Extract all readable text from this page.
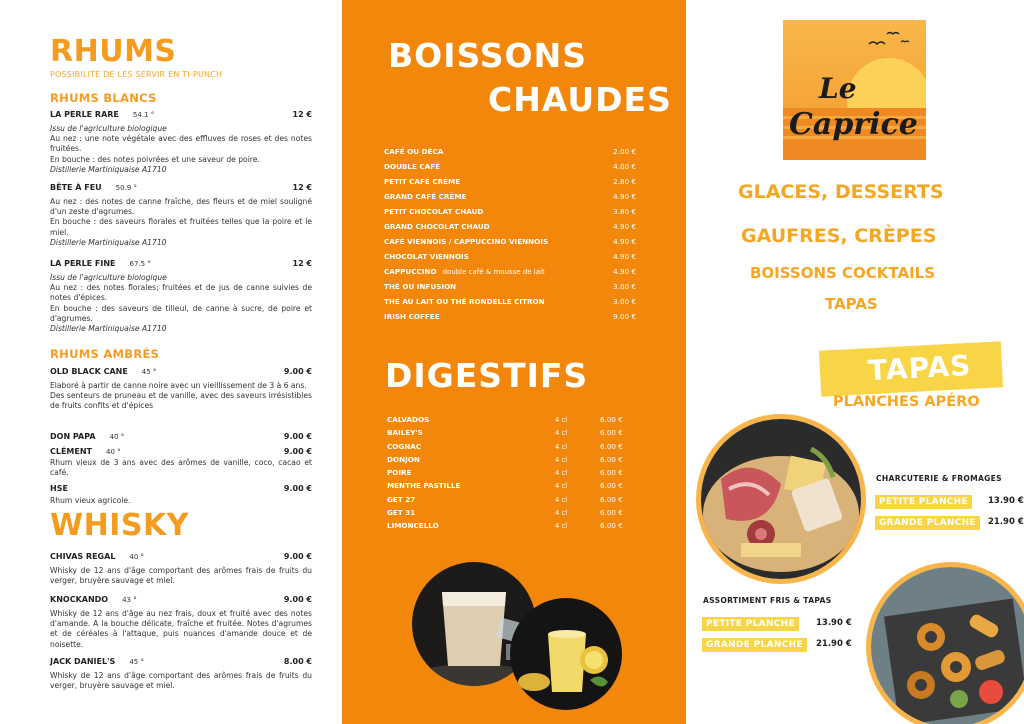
RHUMS
POSSIBILITÉ DE LES SERVIR EN TI-PUNCH
RHUMS BLANCS
LA PERLE RARE 54.1 °	12 €
Issu de l'agriculture biologique
Au nez : une note végétale avec des effluves de roses et des notes fruitées.
En bouche : des notes poivrées et une saveur de poire.
Distillerie Martiniquaise A1710
BÊTE À FEU 50.9 °	12 €
Au nez : des notes de canne fraîche, des fleurs et de miel souligné d'un zeste d'agrumes.
En bouche : des saveurs florales et fruitées telles que la poire et le miel.
Distillerie Martiniquaise A1710
LA PERLE FINE 67.5 °	12 €
Issu de l'agriculture biologique
Au nez : des notes florales; fruitées et de jus de canne suivies de notes d'épices.
En bouche : des saveurs de tilleul, de canne à sucre, de poire et d'agrumes.
Distillerie Martiniquaise A1710
RHUMS AMBRÉS
OLD BLACK CANE 45 °	9.00 €
Elaboré à partir de canne noire avec un vieillissement de 3 à 6 ans.
Des senteurs de pruneau et de vanille, avec des saveurs irrésistibles de fruits confits et d'épices
DON PAPA 40 °	9.00 €
CLÉMENT 40 °	9.00 €
Rhum vieux de 3 ans avec des arômes de vanille, coco, cacao et café.
HSE	9.00 €
Rhum vieux agricole.
WHISKY
CHIVAS REGAL 40 °	9.00 €
Whisky de 12 ans d'âge comportant des arômes frais de fruits du verger, bruyère sauvage et miel.
KNOCKANDO 43 °	9.00 €
Whisky de 12 ans d'âge au nez frais, doux et fruité avec des notes d'amande. A la bouche délicate, fraîche et fruitée. Notes d'agrumes et de céréales à l'attaque, puis nuances d'amande douce et de noisette.
JACK DANIEL'S 45 °	8.00 €
Whisky de 12 ans d'âge comportant des arômes frais de fruits du verger, bruyère sauvage et miel.
BOISSONS
CHAUDES
CAFÉ OU DÉCA	2.00 €
DOUBLE CAFÉ	4.00 €
PETIT CAFÉ CRÈME	2.80 €
GRAND CAFÉ CRÈME	4.90 €
PETIT CHOCOLAT CHAUD	3.80 €
GRAND CHOCOLAT CHAUD	4.90 €
CAFÉ VIENNOIS / CAPPUCCINO VIENNOIS	4.90 €
CHOCOLAT VIENNOIS	4.90 €
CAPPUCCINO double café & mousse de lait	4.90 €
THÉ OU INFUSION	3.00 €
THÉ AU LAIT OU THÉ RONDELLE CITRON	3.00 €
IRISH COFFEE	9.00 €
DIGESTIFS
CALVADOS	4 cl	6.00 €
BAILEY'S	4 cl	6.00 €
COGNAC	4 cl	6.00 €
DONJON	4 cl	6.00 €
POIRE	4 cl	6.00 €
MENTHE PASTILLE	4 cl	6.00 €
GET 27	4 cl	6.00 €
GET 31	4 cl	6.00 €
LIMONCELLO	4 cl	6.00 €
Le
Caprice
GLACES, DESSERTS
GAUFRES, CRÈPES
BOISSONS COCKTAILS
TAPAS
TAPAS
PLANCHES APÉRO
CHARCUTERIE & FROMAGES
PETITE PLANCHE	13.90 €
GRANDE PLANCHE	21.90 €
ASSORTIMENT FRIS & TAPAS
PETITE PLANCHE	13.90 €
GRANDE PLANCHE	21.90 €
